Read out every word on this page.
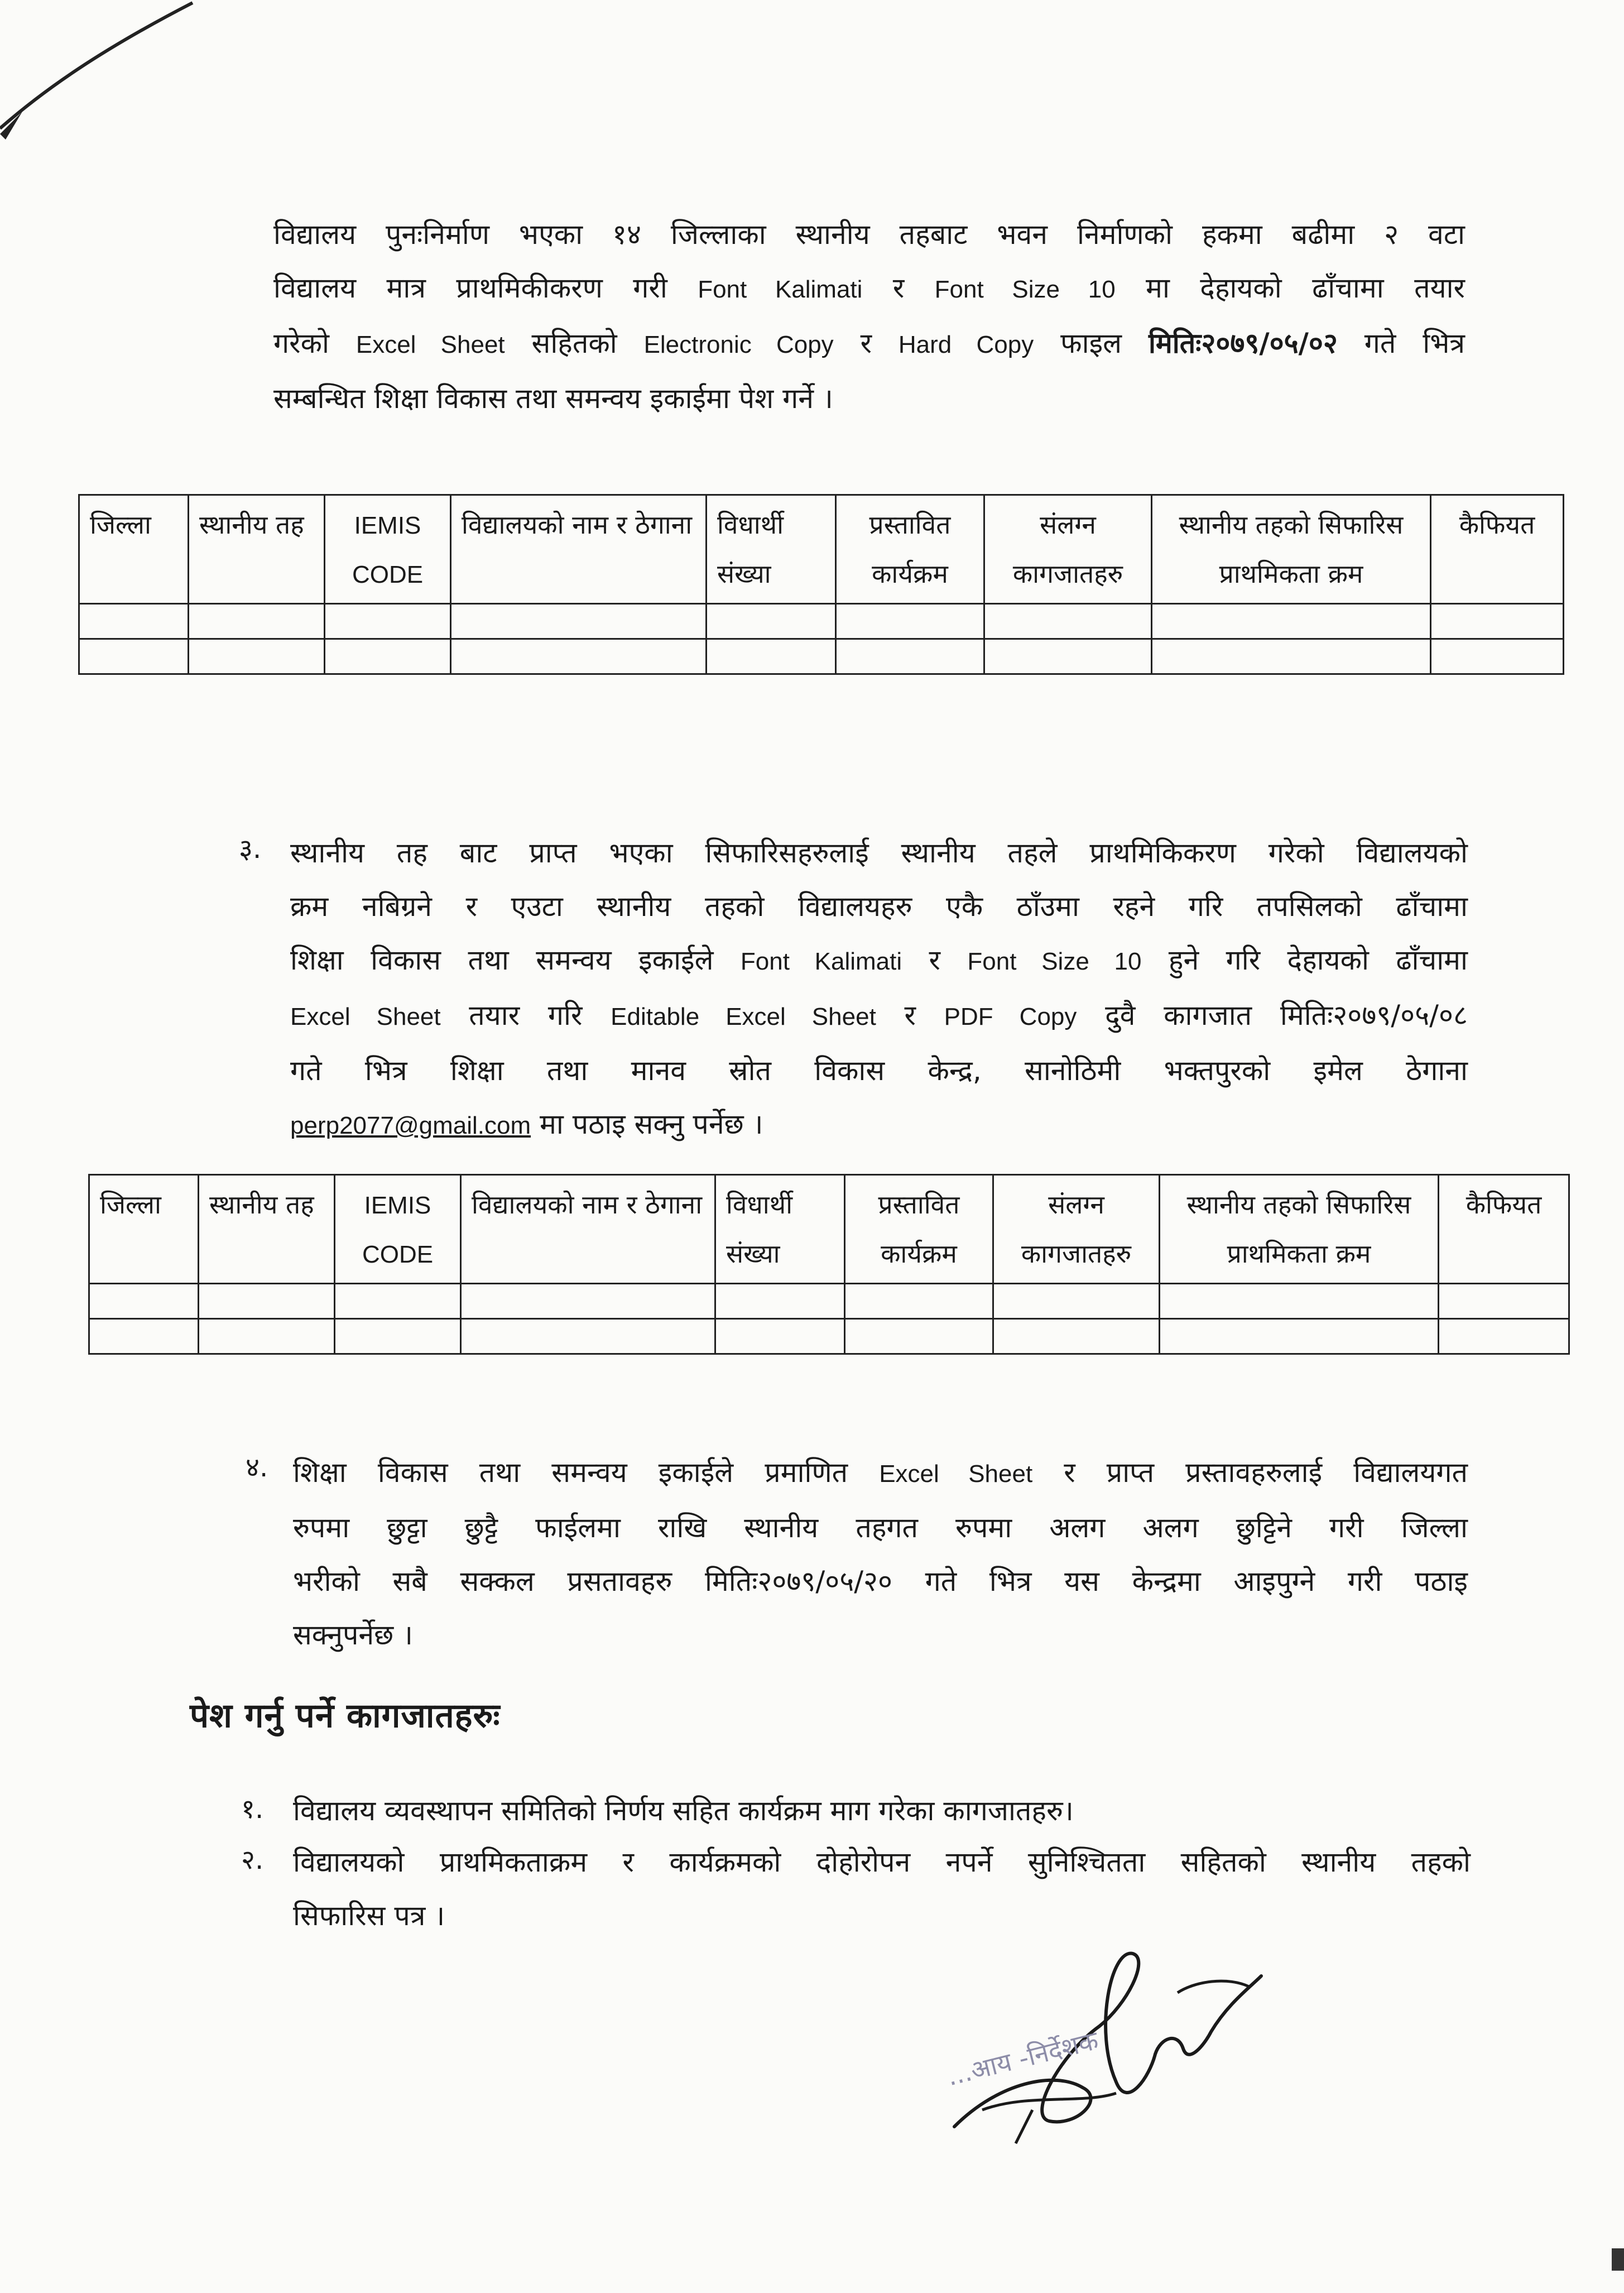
विद्यालय पुनःनिर्माण भएका १४ जिल्लाका स्थानीय तहबाट भवन निर्माणको हकमा बढीमा २ वटा
विद्यालय मात्र प्राथमिकीकरण गरी Font Kalimati र Font Size 10 मा देहायको ढाँचामा तयार
गरेको Excel Sheet सहितको Electronic Copy र Hard Copy फाइल मितिः२०७९/०५/०२ गते भित्र
सम्बन्धित शिक्षा विकास तथा समन्वय इकाईमा पेश गर्ने ।
जिल्ला	स्थानीय तह	IEMIS CODE	विद्यालयको नाम र ठेगाना	विधार्थी संख्या	प्रस्तावित कार्यक्रम	संलग्न कागजातहरु	स्थानीय तहको सिफारिस प्राथमिकता क्रम	कैफियत

३. स्थानीय तह बाट प्राप्त भएका सिफारिसहरुलाई स्थानीय तहले प्राथमिकिकरण गरेको विद्यालयको
क्रम नबिग्रने र एउटा स्थानीय तहको विद्यालयहरु एकै ठाँउमा रहने गरि तपसिलको ढाँचामा
शिक्षा विकास तथा समन्वय इकाईले Font Kalimati र Font Size 10 हुने गरि देहायको ढाँचामा
Excel Sheet तयार गरि Editable Excel Sheet र PDF Copy दुवै कागजात मितिः२०७९/०५/०८
गते भित्र शिक्षा तथा मानव स्रोत विकास केन्द्र, सानोठिमी भक्तपुरको इमेल ठेगाना
perp2077@gmail.com मा पठाइ सक्नु पर्नेछ ।
जिल्ला	स्थानीय तह	IEMIS CODE	विद्यालयको नाम र ठेगाना	विधार्थी संख्या	प्रस्तावित कार्यक्रम	संलग्न कागजातहरु	स्थानीय तहको सिफारिस प्राथमिकता क्रम	कैफियत

४. शिक्षा विकास तथा समन्वय इकाईले प्रमाणित Excel Sheet र प्राप्त प्रस्तावहरुलाई विद्यालयगत
रुपमा छुट्टा छुट्टै फाईलमा राखि स्थानीय तहगत रुपमा अलग अलग छुट्टिने गरी जिल्ला
भरीको सबै सक्कल प्रसतावहरु मितिः२०७९/०५/२० गते भित्र यस केन्द्रमा आइपुग्ने गरी पठाइ
सक्नुपर्नेछ ।
पेश गर्नु पर्ने कागजातहरुः
१. विद्यालय व्यवस्थापन समितिको निर्णय सहित कार्यक्रम माग गरेका कागजातहरु।
२. विद्यालयको प्राथमिकताक्रम र कार्यक्रमको दोहोरोपन नपर्ने सुनिश्चितता सहितको स्थानीय तहको
सिफारिस पत्र ।
...आय -निर्देशक
